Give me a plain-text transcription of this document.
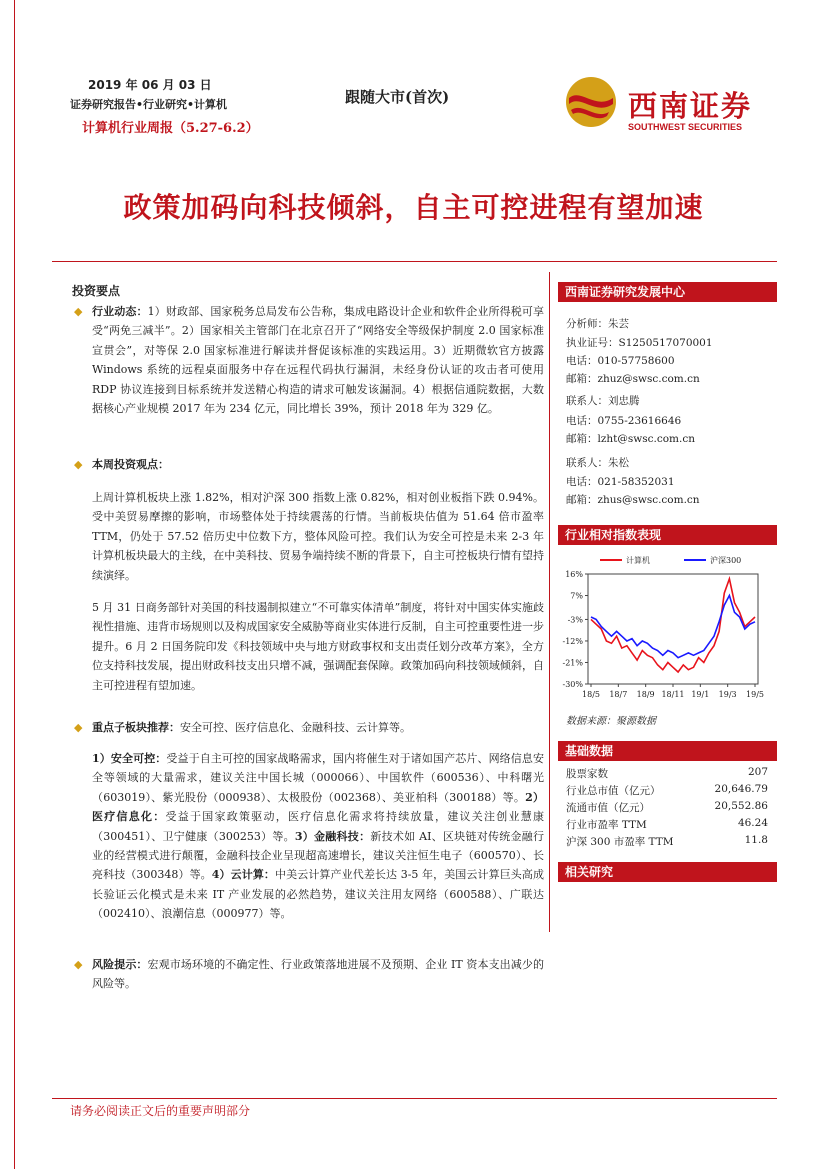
2019 年 06 月 03 日
证券研究报告•行业研究•计算机
计算机行业周报（5.27-6.2）
跟随大市(首次)	西南证券
SOUTHWEST SECURITIES
政策加码向科技倾斜，自主可控进程有望加速
投资要点
◆ 行业动态：1）财政部、国家税务总局发布公告称，集成电路设计企业和软件企业所得税可享受“两免三减半”。2）国家相关主管部门在北京召开了“网络安全等级保护制度 2.0 国家标准宣贯会”，对等保 2.0 国家标准进行解读并督促该标准的实践运用。3）近期微软官方披露 Windows 系统的远程桌面服务中存在远程代码执行漏洞，未经身份认证的攻击者可使用 RDP 协议连接到目标系统并发送精心构造的请求可触发该漏洞。4）根据信通院数据，大数据核心产业规模 2017 年为 234 亿元，同比增长 39%，预计 2018 年为 329 亿。
◆ 本周投资观点：
上周计算机板块上涨 1.82%，相对沪深 300 指数上涨 0.82%，相对创业板指下跌 0.94%。受中美贸易摩擦的影响，市场整体处于持续震荡的行情。当前板块估值为 51.64 倍市盈率 TTM，仍处于 57.52 倍历史中位数下方，整体风险可控。我们认为安全可控是未来 2-3 年计算机板块最大的主线，在中美科技、贸易争端持续不断的背景下，自主可控板块行情有望持续演绎。
5 月 31 日商务部针对美国的科技遏制拟建立“不可靠实体清单”制度，将针对中国实体实施歧视性措施、违背市场规则以及构成国家安全威胁等商业实体进行反制，自主可控重要性进一步提升。6 月 2 日国务院印发《科技领域中央与地方财政事权和支出责任划分改革方案》，全方位支持科技发展，提出财政科技支出只增不减，强调配套保障。政策加码向科技领域倾斜，自主可控进程有望加速。
◆ 重点子板块推荐：安全可控、医疗信息化、金融科技、云计算等。
1）安全可控：受益于自主可控的国家战略需求，国内将催生对于诸如国产芯片、网络信息安全等领域的大量需求，建议关注中国长城（000066）、中国软件（600536）、中科曙光（603019）、紫光股份（000938）、太极股份（002368）、美亚柏科（300188）等。2）医疗信息化：受益于国家政策驱动，医疗信息化需求将持续放量，建议关注创业慧康（300451）、卫宁健康（300253）等。3）金融科技：新技术如 AI、区块链对传统金融行业的经营模式进行颠覆，金融科技企业呈现超高速增长，建议关注恒生电子（600570）、长亮科技（300348）等。4）云计算：中美云计算产业代差长达 3-5 年，美国云计算巨头高成长验证云化模式是未来 IT 产业发展的必然趋势，建议关注用友网络（600588）、广联达（002410）、浪潮信息（000977）等。
◆ 风险提示：宏观市场环境的不确定性、行业政策落地进展不及预期、企业 IT 资本支出减少的风险等。
西南证券研究发展中心
分析师：朱芸
执业证号：S1250517070001
电话：010-57758600
邮箱：zhuz@swsc.com.cn
联系人：刘忠腾
电话：0755-23616646
邮箱：lzht@swsc.com.cn
联系人：朱松
电话：021-58352031
邮箱：zhus@swsc.com.cn
行业相对指数表现
16%
7%
-3%
-12%
-21%
-30%
18/5 18/7 18/9 18/11 19/1 19/3 19/5
计算机	沪深300
数据来源：聚源数据
基础数据
股票家数	207
行业总市值（亿元）	20,646.79
流通市值（亿元）	20,552.86
行业市盈率 TTM	46.24
沪深 300 市盈率 TTM	11.8
相关研究
请务必阅读正文后的重要声明部分
